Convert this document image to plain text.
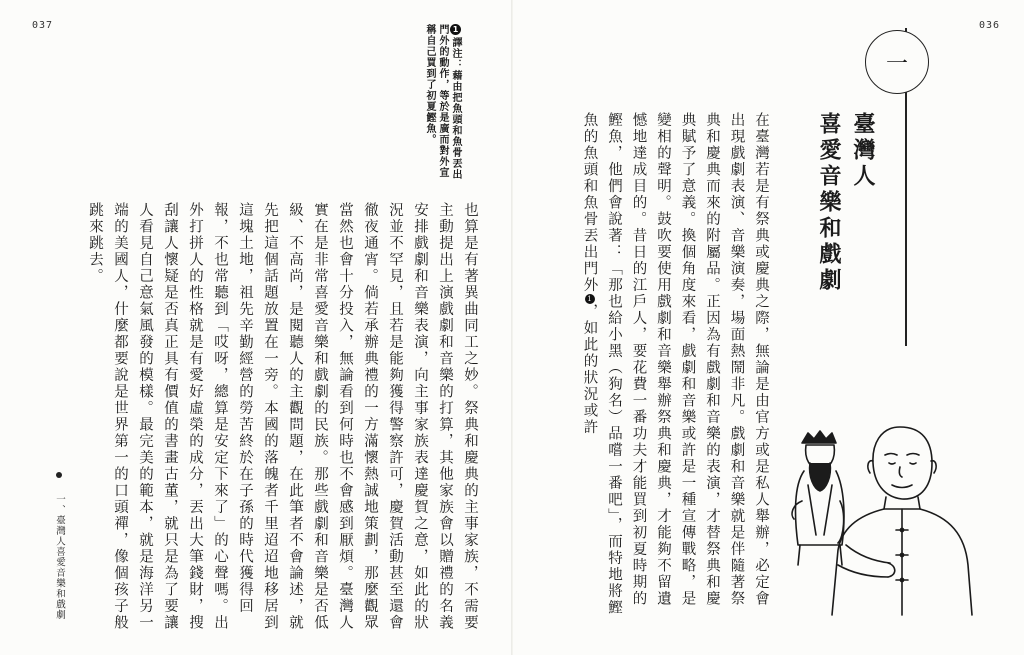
037	1譯注：藉由把魚頭和魚骨丟出門外的動作，等於是廣而對外宣稱自己買到了初夏鰹魚。
也算是有著異曲同工之妙。祭典和慶典的主事家族，不需要主動提出上演戲劇和音樂的打算，其他家族會以贈禮的名義安排戲劇和音樂表演，向主事家族表達慶賀之意，如此的狀況並不罕見，且若是能夠獲得警察許可，慶賀活動甚至還會徹夜通宵。倘若承辦典禮的一方滿懷熱誠地策劃，那麼觀眾當然也會十分投入，無論看到何時也不會感到厭煩。臺灣人實在是非常喜愛音樂和戲劇的民族。那些戲劇和音樂是否低級、不高尚，是閱聽人的主觀問題，在此筆者不會論述，就先把這個話題放置在一旁。本國的落魄者千里迢迢地移居到這塊土地，祖先辛勤經營的勞苦終於在子孫的時代獲得回報，不也常聽到「哎呀，總算是安定下來了」的心聲嗎。出外打拼人的性格就是有愛好虛榮的成分，丟出大筆錢財，搜刮讓人懷疑是否真正具有價值的書畫古董，就只是為了要讓人看見自己意氣風發的模樣。最完美的範本，就是海洋另一端的美國人，什麼都要說是世界第一的口頭禪，像個孩子般跳來跳去。
一、臺灣人喜愛音樂和戲劇
036
一
臺灣人
喜愛音樂和戲劇
在臺灣若是有祭典或慶典之際，無論是由官方或是私人舉辦，必定會出現戲劇表演、音樂演奏，場面熱鬧非凡。戲劇和音樂就是伴隨著祭典和慶典而來的附屬品。正因為有戲劇和音樂的表演，才替祭典和慶典賦予了意義。換個角度來看，戲劇和音樂或許是一種宣傳戰略，是變相的聲明。鼓吹要使用戲劇和音樂舉辦祭典和慶典，才能夠不留遺憾地達成目的。昔日的江戶人，要花費一番功夫才能買到初夏時期的鰹魚，他們會說著：「那也給小黑（狗名）品嚐一番吧」，而特地將鰹魚的魚頭和魚骨丟出門外1，如此的狀況或許
